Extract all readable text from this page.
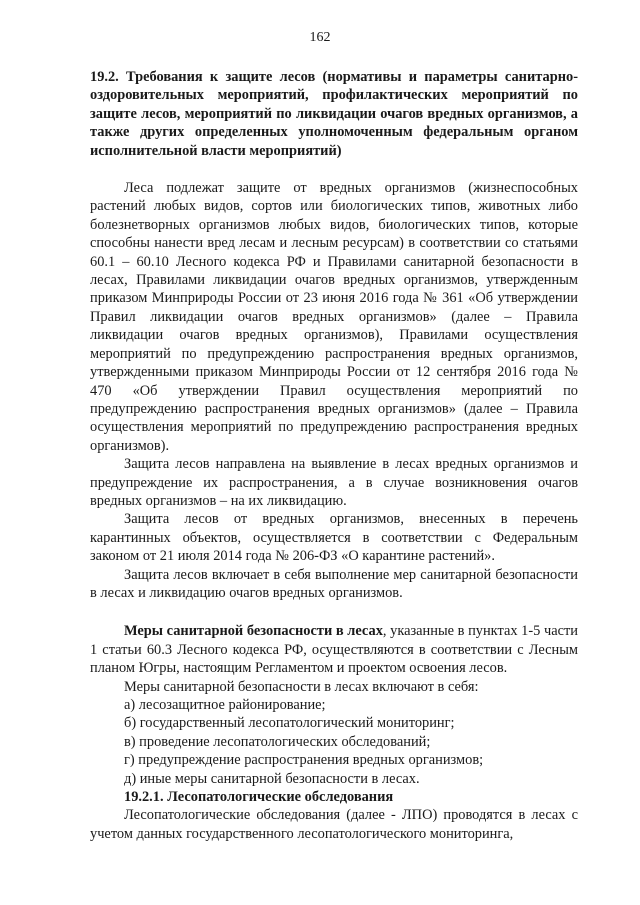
162

19.2. Требования к защите лесов (нормативы и параметры санитарно-оздоровительных мероприятий, профилактических мероприятий по защите лесов, мероприятий по ликвидации очагов вредных организмов, а также других определенных уполномоченным федеральным органом исполнительной власти мероприятий)

Леса подлежат защите от вредных организмов (жизнеспособных растений любых видов, сортов или биологических типов, животных либо болезнетворных организмов любых видов, биологических типов, которые способны нанести вред лесам и лесным ресурсам) в соответствии со статьями 60.1 – 60.10 Лесного кодекса РФ и Правилами санитарной безопасности в лесах, Правилами ликвидации очагов вредных организмов, утвержденным приказом Минприроды России от 23 июня 2016 года № 361 «Об утверждении Правил ликвидации очагов вредных организмов» (далее – Правила ликвидации очагов вредных организмов), Правилами осуществления мероприятий по предупреждению распространения вредных организмов, утвержденными приказом Минприроды России от 12 сентября 2016 года № 470 «Об утверждении Правил осуществления мероприятий по предупреждению распространения вредных организмов» (далее – Правила осуществления мероприятий по предупреждению распространения вредных организмов).

Защита лесов направлена на выявление в лесах вредных организмов и предупреждение их распространения, а в случае возникновения очагов вредных организмов – на их ликвидацию.

Защита лесов от вредных организмов, внесенных в перечень карантинных объектов, осуществляется в соответствии с Федеральным законом от 21 июля 2014 года № 206-ФЗ «О карантине растений».

Защита лесов включает в себя выполнение мер санитарной безопасности в лесах и ликвидацию очагов вредных организмов.

Меры санитарной безопасности в лесах, указанные в пунктах 1-5 части 1 статьи 60.3 Лесного кодекса РФ, осуществляются в соответствии с Лесным планом Югры, настоящим Регламентом и проектом освоения лесов.

Меры санитарной безопасности в лесах включают в себя:

а) лесозащитное районирование;
б) государственный лесопатологический мониторинг;
в) проведение лесопатологических обследований;
г) предупреждение распространения вредных организмов;
д) иные меры санитарной безопасности в лесах.

19.2.1. Лесопатологические обследования

Лесопатологические обследования (далее - ЛПО) проводятся в лесах с учетом данных государственного лесопатологического мониторинга,
